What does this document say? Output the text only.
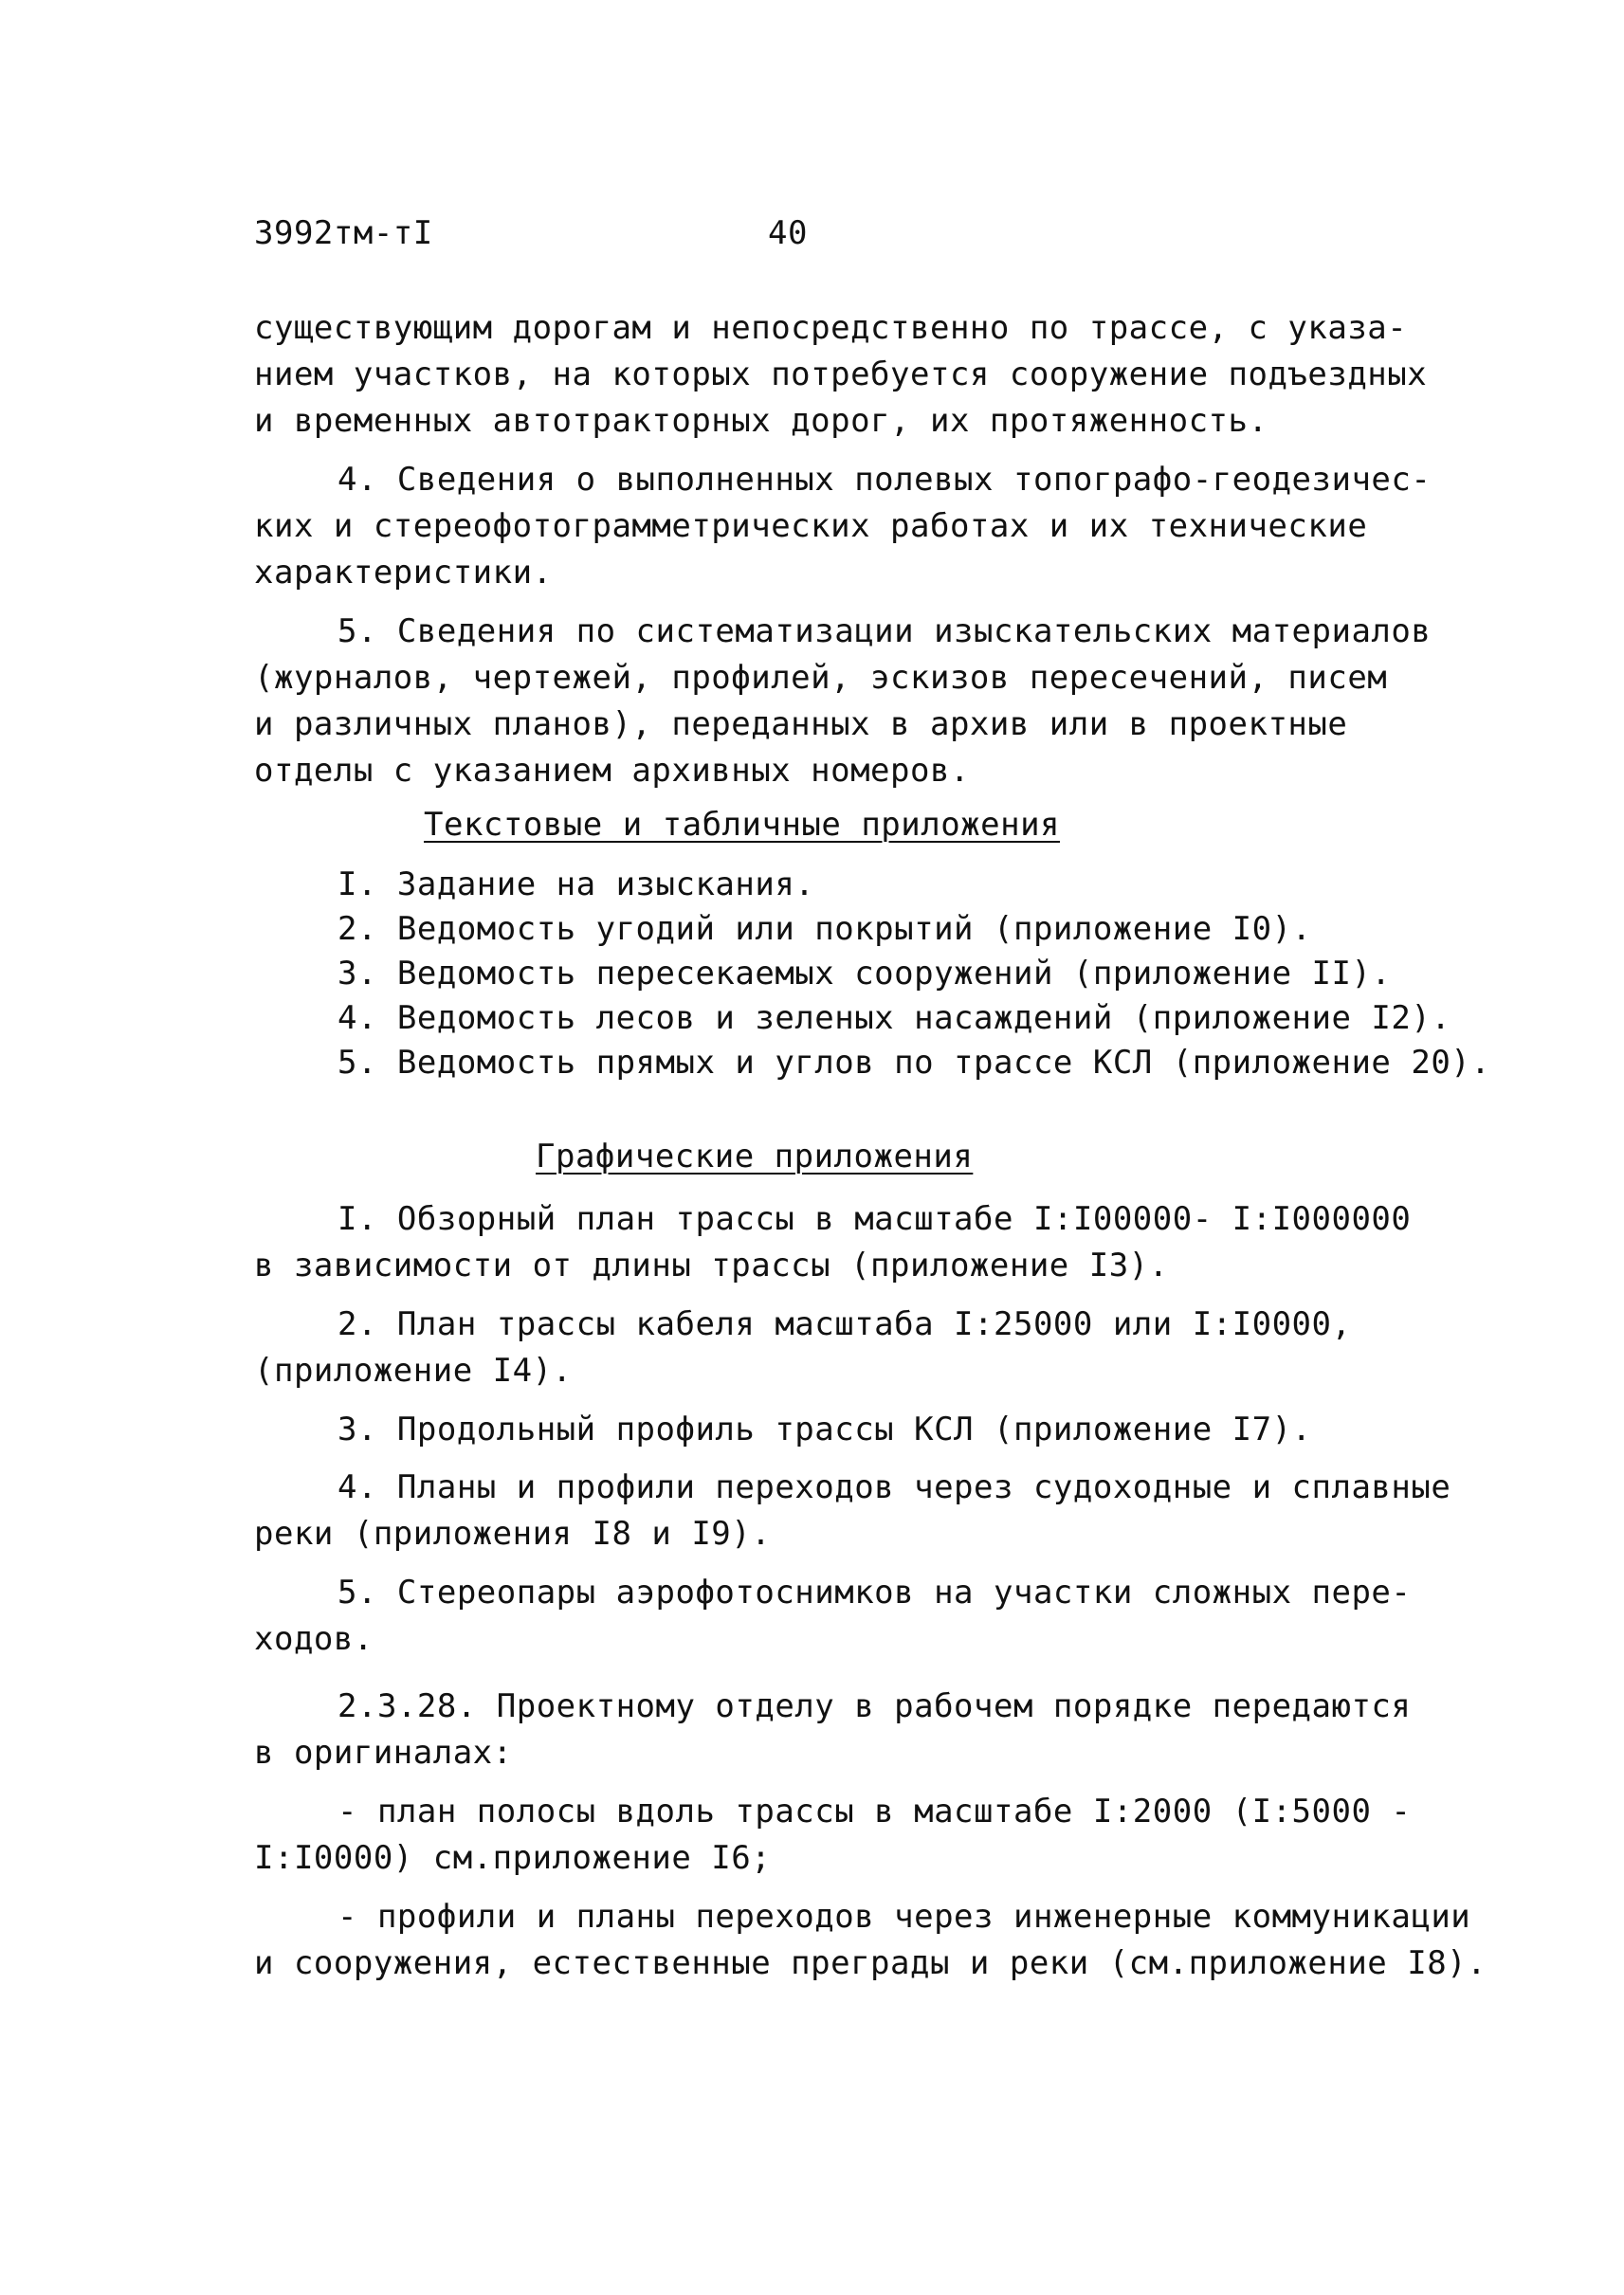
3992тм-тI	40
существующим дорогам и непосредственно по трассе, с указа-
нием участков, на которых потребуется сооружение подъездных
и временных автотракторных дорог, их протяженность.
4. Сведения о выполненных полевых топографо-геодезичес-
ких и стереофотограмметрических работах и их технические
характеристики.
5. Сведения по систематизации изыскательских материалов
(журналов, чертежей, профилей, эскизов пересечений, писем
и различных планов), переданных в архив или в проектные
отделы с указанием архивных номеров.
Текстовые и табличные приложения
I. Задание на изыскания.
2. Ведомость угодий или покрытий (приложение I0).
3. Ведомость пересекаемых сооружений (приложение II).
4. Ведомость лесов и зеленых насаждений (приложение I2).
5. Ведомость прямых и углов по трассе КСЛ (приложение 20).
Графические приложения
I. Обзорный план трассы в масштабе I:I00000- I:I000000
в зависимости от длины трассы (приложение I3).
2. План трассы кабеля масштаба I:25000 или I:I0000,
(приложение I4).
3. Продольный профиль трассы КСЛ (приложение I7).
4. Планы и профили переходов через судоходные и сплавные
реки (приложения I8 и I9).
5. Стереопары аэрофотоснимков на участки сложных пере-
ходов.
2.3.28. Проектному отделу в рабочем порядке передаются
в оригиналах:
- план полосы вдоль трассы в масштабе I:2000 (I:5000 -
I:I0000) см.приложение I6;
- профили и планы переходов через инженерные коммуникации
и сооружения, естественные преграды и реки (см.приложение I8).
